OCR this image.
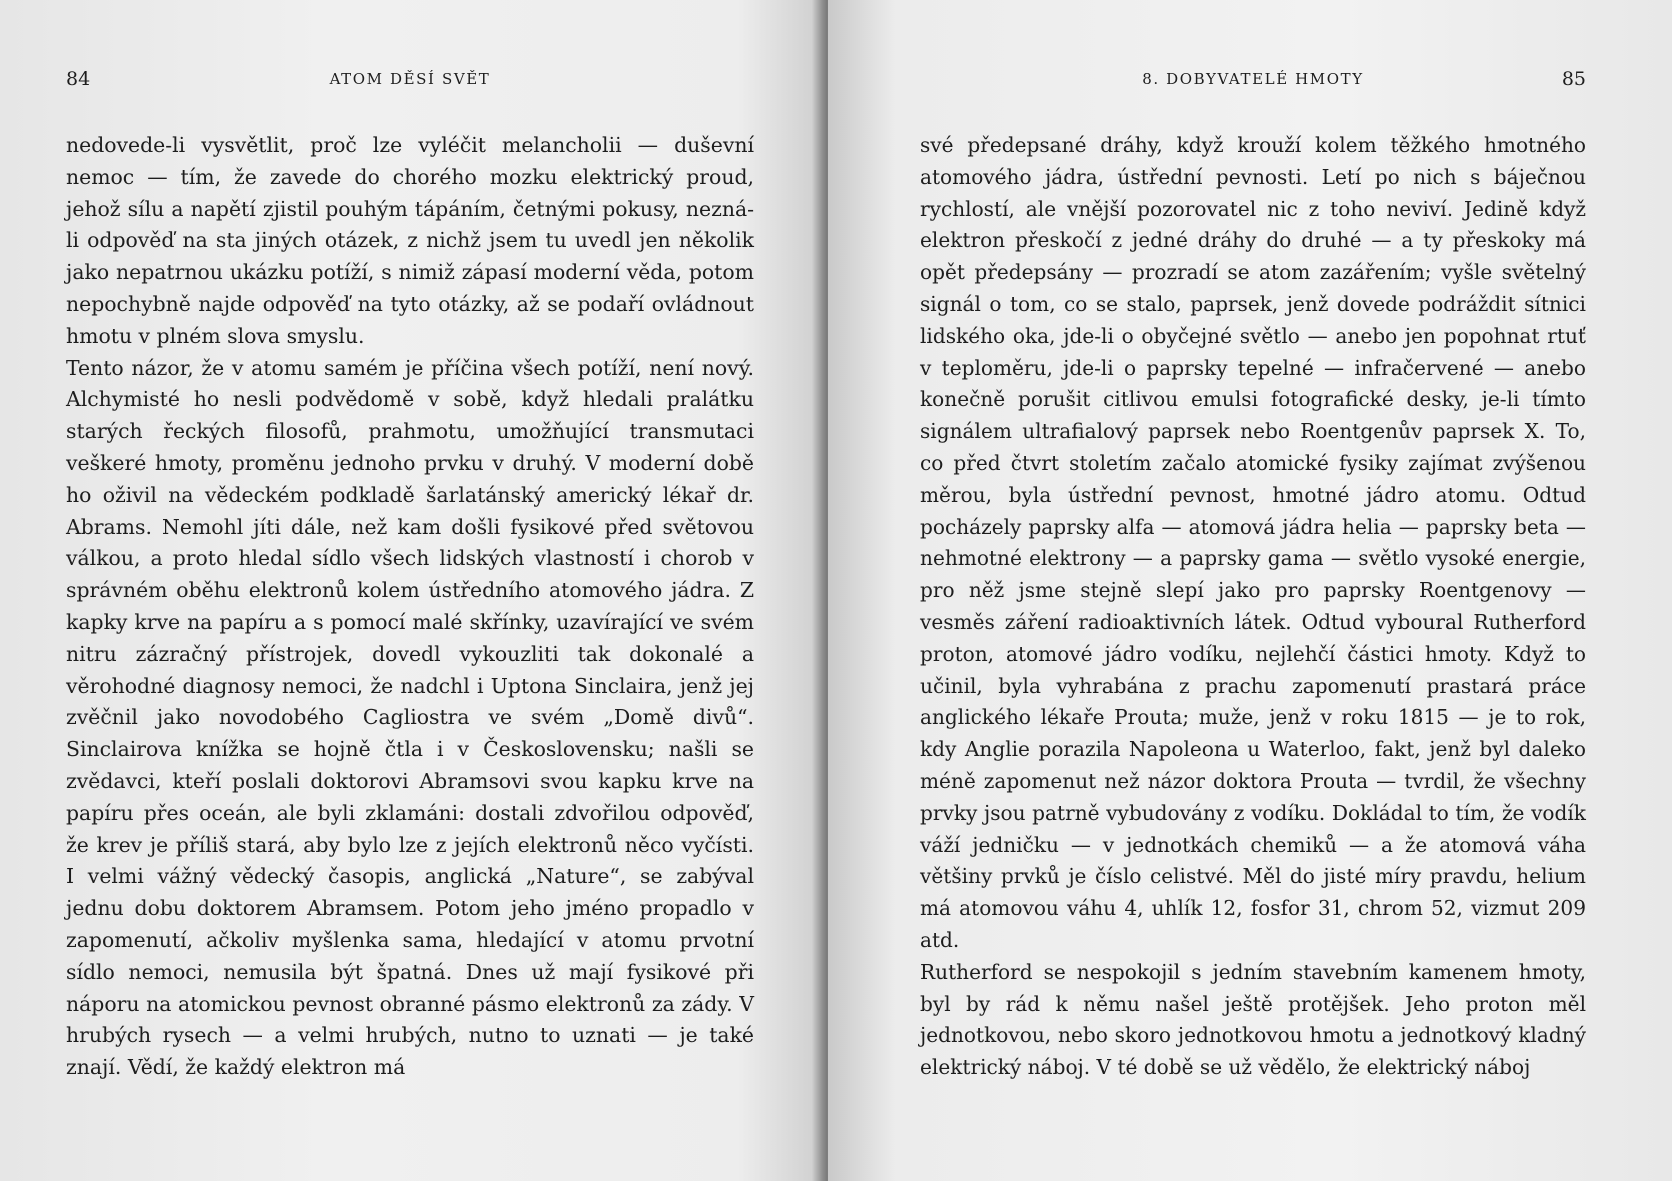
84	ATOM DĚSÍ SVĚT

nedovede-li vysvětlit, proč lze vyléčit melancholii — duševní nemoc — tím, že zavede do chorého mozku elektrický proud, jehož sílu a napětí zjistil pouhým tápáním, četnými pokusy, nezná-li odpověď na sta jiných otázek, z nichž jsem tu uvedl jen několik jako nepatrnou ukázku potíží, s nimiž zápasí moderní věda, potom nepochybně najde odpověď na tyto otázky, až se podaří ovládnout hmotu v plném slova smyslu.

Tento názor, že v atomu samém je příčina všech potíží, není nový. Alchymisté ho nesli podvědomě v sobě, když hledali pralátku starých řeckých filosofů, prahmotu, umožňující transmutaci veškeré hmoty, proměnu jednoho prvku v druhý. V moderní době ho oživil na vědeckém podkladě šarlatánský americký lékař dr. Abrams. Nemohl jíti dále, než kam došli fysikové před světovou válkou, a proto hledal sídlo všech lidských vlastností i chorob v správném oběhu elektronů kolem ústředního atomového jádra. Z kapky krve na papíru a s pomocí malé skřínky, uzavírající ve svém nitru zázračný přístrojek, dovedl vykouzliti tak dokonalé a věrohodné diagnosy nemoci, že nadchl i Uptona Sinclaira, jenž jej zvěčnil jako novodobého Cagliostra ve svém „Domě divů“. Sinclairova knížka se hojně čtla i v Československu; našli se zvědavci, kteří poslali doktorovi Abramsovi svou kapku krve na papíru přes oceán, ale byli zklamáni: dostali zdvořilou odpověď, že krev je příliš stará, aby bylo lze z jejích elektronů něco vyčísti. I velmi vážný vědecký časopis, anglická „Nature“, se zabýval jednu dobu doktorem Abramsem. Potom jeho jméno propadlo v zapomenutí, ačkoliv myšlenka sama, hledající v atomu prvotní sídlo nemoci, nemusila být špatná. Dnes už mají fysikové při náporu na atomickou pevnost obranné pásmo elektronů za zády. V hrubých rysech — a velmi hrubých, nutno to uznati — je také znají. Vědí, že každý elektron má

8. DOBYVATELÉ HMOTY	85

své předepsané dráhy, když krouží kolem těžkého hmotného atomového jádra, ústřední pevnosti. Letí po nich s báječnou rychlostí, ale vnější pozorovatel nic z toho neviví. Jedině když elektron přeskočí z jedné dráhy do druhé — a ty přeskoky má opět předepsány — prozradí se atom zazářením; vyšle světelný signál o tom, co se stalo, paprsek, jenž dovede podráždit sítnici lidského oka, jde-li o obyčejné světlo — anebo jen popohnat rtuť v teploměru, jde-li o paprsky tepelné — infračervené — anebo konečně porušit citlivou emulsi fotografické desky, je-li tímto signálem ultrafialový paprsek nebo Roentgenův paprsek X. To, co před čtvrt stoletím začalo atomické fysiky zajímat zvýšenou měrou, byla ústřední pevnost, hmotné jádro atomu. Odtud pocházely paprsky alfa — atomová jádra helia — paprsky beta — nehmotné elektrony — a paprsky gama — světlo vysoké energie, pro něž jsme stejně slepí jako pro paprsky Roentgenovy — vesměs záření radioaktivních látek. Odtud vyboural Rutherford proton, atomové jádro vodíku, nejlehčí částici hmoty. Když to učinil, byla vyhrabána z prachu zapomenutí prastará práce anglického lékaře Prouta; muže, jenž v roku 1815 — je to rok, kdy Anglie porazila Napoleona u Waterloo, fakt, jenž byl daleko méně zapomenut než názor doktora Prouta — tvrdil, že všechny prvky jsou patrně vybudovány z vodíku. Dokládal to tím, že vodík váží jedničku — v jednotkách chemiků — a že atomová váha většiny prvků je číslo celistvé. Měl do jisté míry pravdu, helium má atomovou váhu 4, uhlík 12, fosfor 31, chrom 52, vizmut 209 atd.

Rutherford se nespokojil s jedním stavebním kamenem hmoty, byl by rád k němu našel ještě protějšek. Jeho proton měl jednotkovou, nebo skoro jednotkovou hmotu a jednotkový kladný elektrický náboj. V té době se už vědělo, že elektrický náboj
